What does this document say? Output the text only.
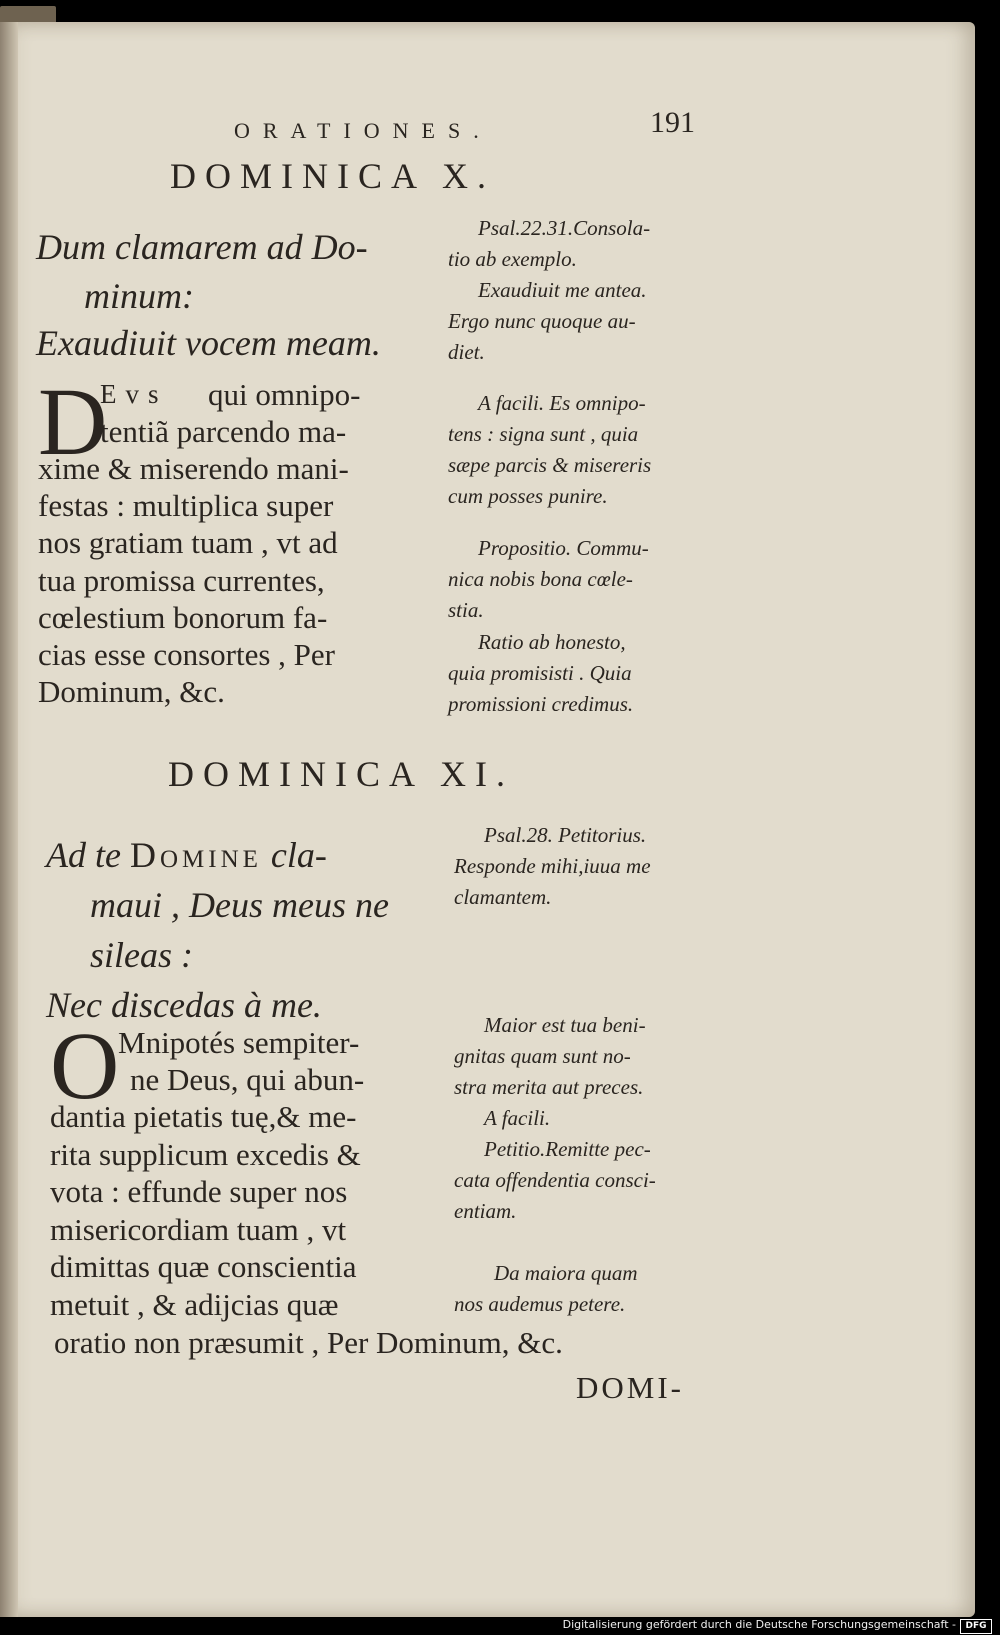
ORATIONES.	191

DOMINICA X.

Dum clamarem ad Do-

minum:

Exaudiuit vocem meam.

D
Evs qui omnipo-
tentiã parcendo ma-
xime & miserendo mani-
festas : multiplica super
nos gratiam tuam , vt ad
tua promissa currentes,
cœlestium bonorum fa-
cias esse consortes , Per
Dominum, &c.
Psal.22.31.Consola-
tio ab exemplo.
Exaudiuit me antea.
Ergo nunc quoque au-
diet.
A facili. Es omnipo-
tens : signa sunt , quia
sæpe parcis & misereris
cum posses punire.
Propositio. Commu-
nica nobis bona cœle-
stia.
Ratio ab honesto,
quia promisisti . Quia
promissioni credimus.

DOMINICA XI.

Ad te Domine cla-
maui , Deus meus ne
sileas :
Nec discedas à me.
O
Mnipotés sempiter-
ne Deus, qui abun-
dantia pietatis tuę,& me-
rita supplicum excedis &
vota : effunde super nos
misericordiam tuam , vt
dimittas quæ conscientia
metuit , & adijcias quæ
oratio non præsumit , Per Dominum, &c.
Psal.28. Petitorius.
Responde mihi,iuua me
clamantem.
Maior est tua beni-
gnitas quam sunt no-
stra merita aut preces.
A facili.
Petitio.Remitte pec-
cata offendentia consci-
entiam.
Da maiora quam
nos audemus petere.

DOMI-

Digitalisierung gefördert durch die Deutsche Forschungsgemeinschaft -	DFG
